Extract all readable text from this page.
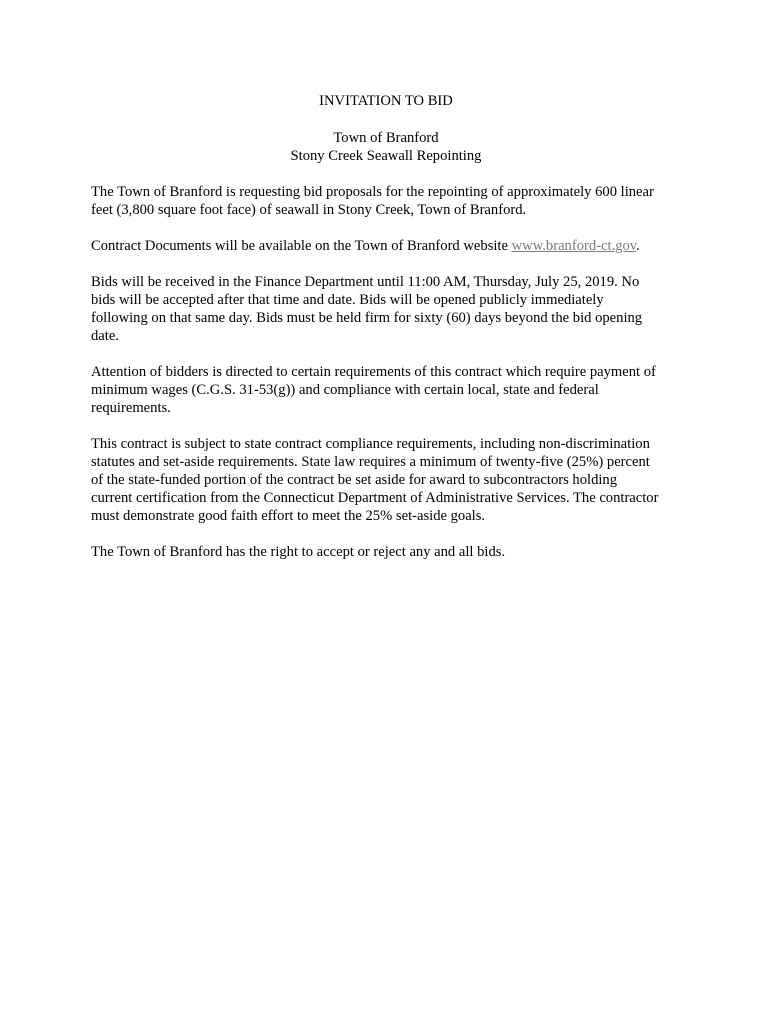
INVITATION TO BID
Town of Branford
Stony Creek Seawall Repointing

The Town of Branford is requesting bid proposals for the repointing of approximately 600 linear
feet (3,800 square foot face) of seawall in Stony Creek, Town of Branford.

Contract Documents will be available on the Town of Branford website www.branford-ct.gov.

Bids will be received in the Finance Department until 11:00 AM, Thursday, July 25, 2019. No
bids will be accepted after that time and date. Bids will be opened publicly immediately
following on that same day. Bids must be held firm for sixty (60) days beyond the bid opening
date.

Attention of bidders is directed to certain requirements of this contract which require payment of
minimum wages (C.G.S. 31-53(g)) and compliance with certain local, state and federal
requirements.

This contract is subject to state contract compliance requirements, including non-discrimination
statutes and set-aside requirements. State law requires a minimum of twenty-five (25%) percent
of the state-funded portion of the contract be set aside for award to subcontractors holding
current certification from the Connecticut Department of Administrative Services. The contractor
must demonstrate good faith effort to meet the 25% set-aside goals.

The Town of Branford has the right to accept or reject any and all bids.
